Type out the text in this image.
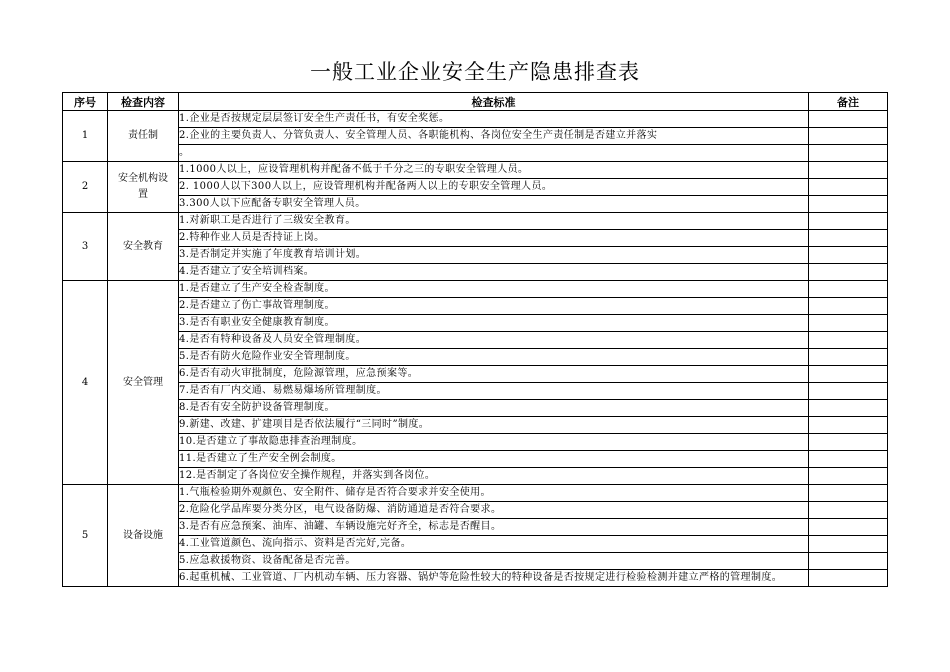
一般工业企业安全生产隐患排查表
序号	检查内容	检查标准	备注
1	责任制	1.企业是否按规定层层签订安全生产责任书，有安全奖惩。	
		2.企业的主要负责人、分管负责人、安全管理人员、各职能机构、各岗位安全生产责任制是否建立并落实	
		。	
2	安全机构设置	1.1000人以上，应设管理机构并配备不低于千分之三的专职安全管理人员。	
		2. 1000人以下300人以上，应设管理机构并配备两人以上的专职安全管理人员。	
		3.300人以下应配备专职安全管理人员。	
3	安全教育	1.对新职工是否进行了三级安全教育。	
		2.特种作业人员是否持证上岗。	
		3.是否制定并实施了年度教育培训计划。	
		4.是否建立了安全培训档案。	
4	安全管理	1.是否建立了生产安全检查制度。	
		2.是否建立了伤亡事故管理制度。	
		3.是否有职业安全健康教育制度。	
		4.是否有特种设备及人员安全管理制度。	
		5.是否有防火危险作业安全管理制度。	
		6.是否有动火审批制度，危险源管理，应急预案等。	
		7.是否有厂内交通、易燃易爆场所管理制度。	
		8.是否有安全防护设备管理制度。	
		9.新建、改建、扩建项目是否依法履行“三同时”制度。	
		10.是否建立了事故隐患排查治理制度。	
		11.是否建立了生产安全例会制度。	
		12.是否制定了各岗位安全操作规程，并落实到各岗位。	
5	设备设施	1.气瓶检验期外观颜色、安全附件、储存是否符合要求并安全使用。	
		2.危险化学品库要分类分区，电气设备防爆、消防通道是否符合要求。	
		3.是否有应急预案、油库、油罐、车辆设施完好齐全，标志是否醒目。	
		4.工业管道颜色、流向指示、资料是否完好,完备。	
		5.应急救援物资、设备配备是否完善。	
		6.起重机械、工业管道、厂内机动车辆、压力容器、锅炉等危险性较大的特种设备是否按规定进行检验检测并建立严格的管理制度。	
